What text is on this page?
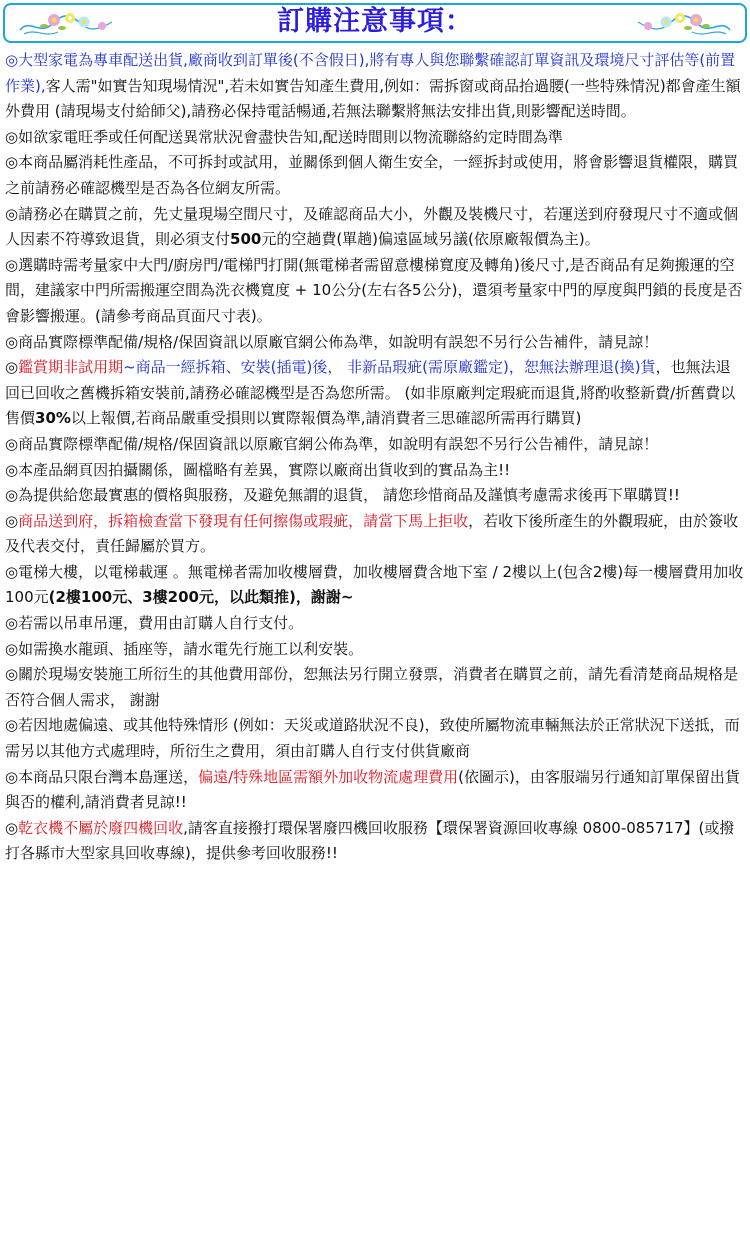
訂購注意事項：

◎大型家電為專車配送出貨,廠商收到訂單後(不含假日),將有專人與您聯繫確認訂單資訊及環境尺寸評估等(前置作業),客人需"如實告知現場情況",若未如實告知產生費用,例如：需拆窗或商品抬過腰(一些特殊情況)都會產生額外費用 (請現場支付給師父),請務必保持電話暢通,若無法聯繫將無法安排出貨,則影響配送時間。

◎如欲家電旺季或任何配送異常狀況會盡快告知,配送時間則以物流聯絡約定時間為準

◎本商品屬消耗性產品，不可拆封或試用，並關係到個人衛生安全，一經拆封或使用，將會影響退貨權限，購買之前請務必確認機型是否為各位網友所需。

◎請務必在購買之前，先丈量現場空間尺寸，及確認商品大小，外觀及裝機尺寸，若運送到府發現尺寸不適或個人因素不符導致退貨，則必須支付500元的空趟費(單趟)偏遠區域另議(依原廠報價為主)。

◎選購時需考量家中大門/廚房門/電梯門打開(無電梯者需留意樓梯寬度及轉角)後尺寸,是否商品有足夠搬運的空間，建議家中門所需搬運空間為洗衣機寬度 + 10公分(左右各5公分)，還須考量家中門的厚度與門鎖的長度是否會影響搬運。(請參考商品頁面尺寸表)。

◎商品實際標準配備/規格/保固資訊以原廠官網公佈為準，如說明有誤恕不另行公告補件，請見諒！

◎鑑賞期非試用期~商品一經拆箱、安裝(插電)後， 非新品瑕疵(需原廠鑑定)，恕無法辦理退(換)貨，也無法退回已回收之舊機拆箱安裝前,請務必確認機型是否為您所需。 (如非原廠判定瑕疵而退貨,將酌收整新費/折舊費以售價30%以上報價,若商品嚴重受損則以實際報價為準,請消費者三思確認所需再行購買)

◎商品實際標準配備/規格/保固資訊以原廠官網公佈為準，如說明有誤恕不另行公告補件，請見諒！

◎本產品網頁因拍攝關係，圖檔略有差異，實際以廠商出貨收到的實品為主!!

◎為提供給您最實惠的價格與服務，及避免無謂的退貨， 請您珍惜商品及謹慎考慮需求後再下單購買!!

◎商品送到府，拆箱檢查當下發現有任何擦傷或瑕疵，請當下馬上拒收，若收下後所產生的外觀瑕疵，由於簽收及代表交付，責任歸屬於買方。

◎電梯大樓，以電梯載運 。無電梯者需加收樓層費，加收樓層費含地下室 / 2樓以上(包含2樓)每一樓層費用加收100元(2樓100元、3樓200元，以此類推)，謝謝~

◎若需以吊車吊運，費用由訂購人自行支付。

◎如需換水龍頭、插座等，請水電先行施工以利安裝。

◎關於現場安裝施工所衍生的其他費用部份，恕無法另行開立發票，消費者在購買之前，請先看清楚商品規格是否符合個人需求， 謝謝

◎若因地處偏遠、或其他特殊情形 (例如：天災或道路狀況不良)，致使所屬物流車輛無法於正常狀況下送抵，而需另以其他方式處理時，所衍生之費用，須由訂購人自行支付供貨廠商

◎本商品只限台灣本島運送，偏遠/特殊地區需額外加收物流處理費用(依圖示)，由客服端另行通知訂單保留出貨與否的權利,請消費者見諒!!

◎乾衣機不屬於廢四機回收,請客直接撥打環保署廢四機回收服務【環保署資源回收專線 0800-085717】(或撥打各縣市大型家具回收專線)，提供參考回收服務!!
